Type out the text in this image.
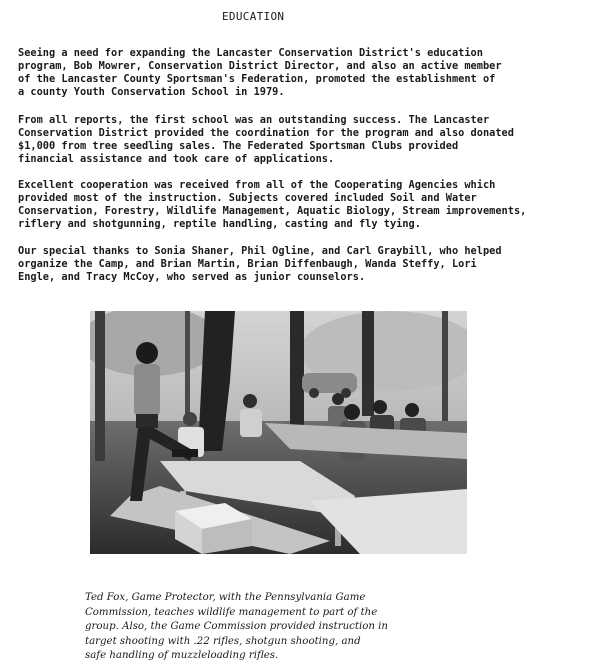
EDUCATION

Seeing a need for expanding the Lancaster Conservation District's education
program, Bob Mowrer, Conservation District Director, and also an active member
of the Lancaster County Sportsman's Federation, promoted the establishment of
a county Youth Conservation School in 1979.

From all reports, the first school was an outstanding success. The Lancaster
Conservation District provided the coordination for the program and also donated
$1,000 from tree seedling sales. The Federated Sportsman Clubs provided
financial assistance and took care of applications.

Excellent cooperation was received from all of the Cooperating Agencies which
provided most of the instruction. Subjects covered included Soil and Water
Conservation, Forestry, Wildlife Management, Aquatic Biology, Stream improvements,
riflery and shotgunning, reptile handling, casting and fly tying.

Our special thanks to Sonia Shaner, Phil Ogline, and Carl Graybill, who helped
organize the Camp, and Brian Martin, Brian Diffenbaugh, Wanda Steffy, Lori
Engle, and Tracy McCoy, who served as junior counselors.

Ted Fox, Game Protector, with the Pennsylvania Game
Commission, teaches wildlife management to part of the
group. Also, the Game Commission provided instruction in
target shooting with .22 rifles, shotgun shooting, and
safe handling of muzzleloading rifles.
